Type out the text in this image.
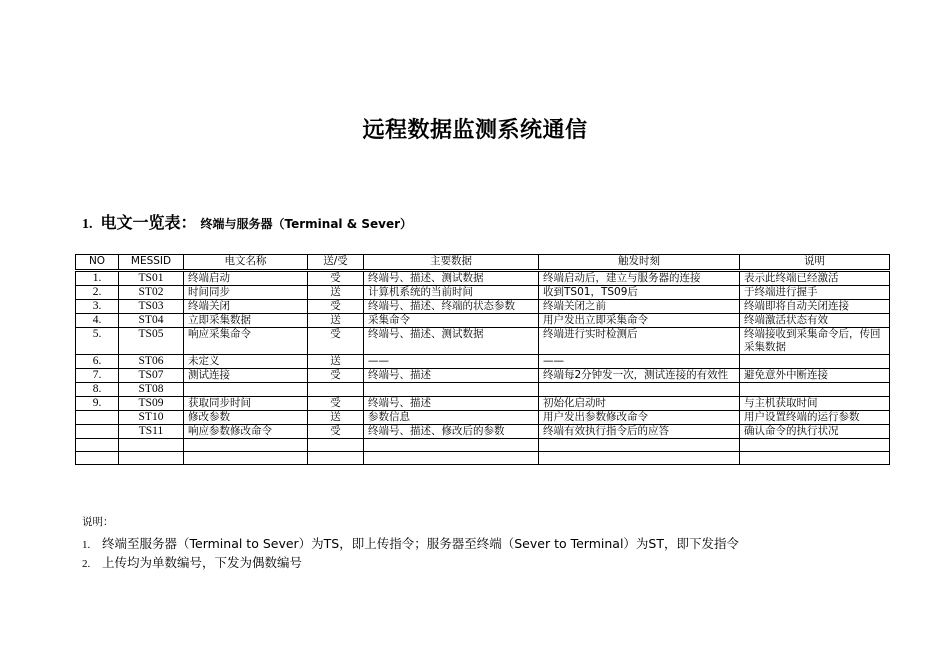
远程数据监测系统通信
1. 电文一览表： 终端与服务器（Terminal & Sever）
NO	MESSID	电文名称	送/受	主要数据	触发时刻	说明
1.	TS01	终端启动	受	终端号、描述、测试数据	终端启动后，建立与服务器的连接	表示此终端已经激活
2.	ST02	时间同步	送	计算机系统的当前时间	收到TS01，TS09后	于终端进行握手
3.	TS03	终端关闭	受	终端号、描述、终端的状态参数	终端关闭之前	终端即将自动关闭连接
4.	ST04	立即采集数据	送	采集命令	用户发出立即采集命令	终端激活状态有效
5.	TS05	响应采集命令	受	终端号、描述、测试数据	终端进行实时检测后	终端接收到采集命令后，传回采集数据
6.	ST06	未定义	送	——	——	
7.	TS07	测试连接	受	终端号、描述	终端每2分钟发一次，测试连接的有效性	避免意外中断连接
8.	ST08					
9.	TS09	获取同步时间	受	终端号、描述	初始化启动时	与主机获取时间
	ST10	修改参数	送	参数信息	用户发出参数修改命令	用户设置终端的运行参数
	TS11	响应参数修改命令	受	终端号、描述、修改后的参数	终端有效执行指令后的应答	确认命令的执行状况

说明：
1. 终端至服务器（Terminal to Sever）为TS，即上传指令；服务器至终端（Sever to Terminal）为ST，即下发指令
2. 上传均为单数编号，下发为偶数编号
